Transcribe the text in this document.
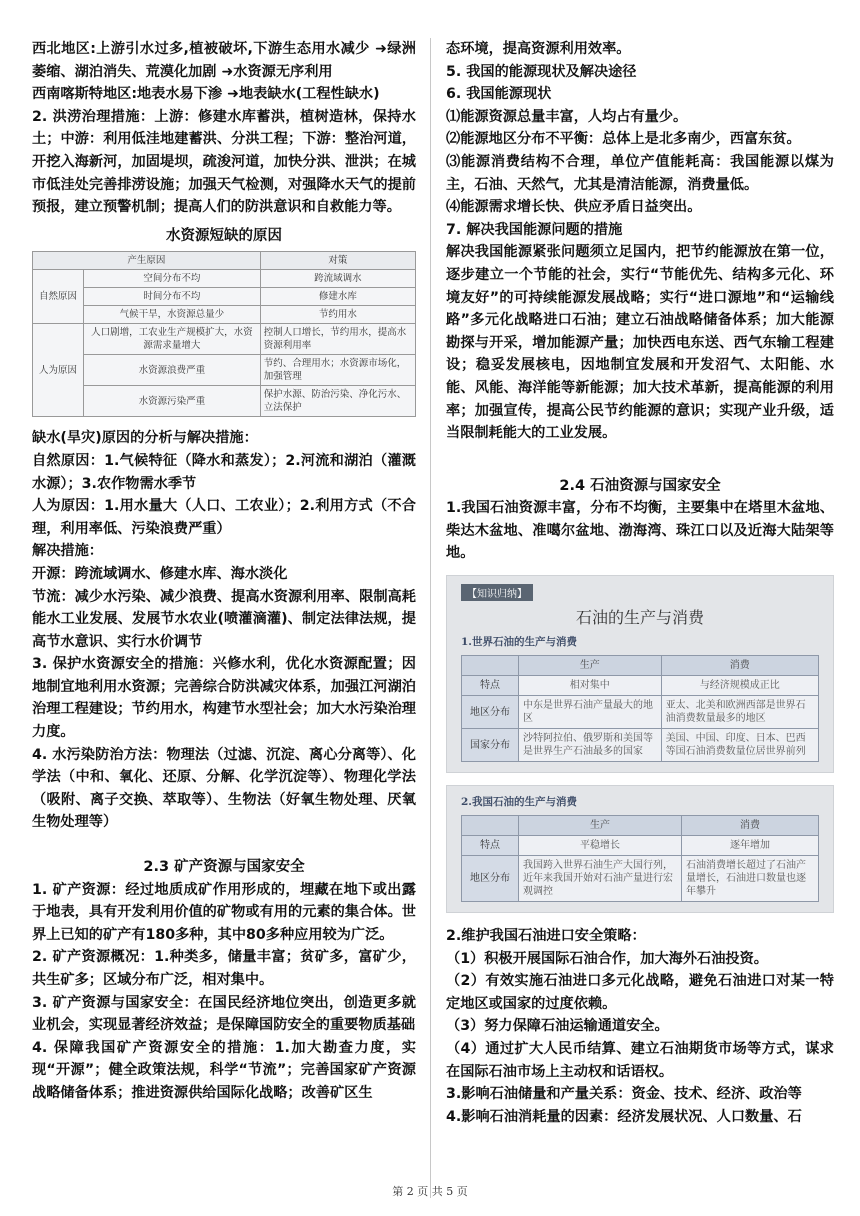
西北地区:上游引水过多,植被破坏,下游生态用水减少 ➜绿洲萎缩、湖泊消失、荒漠化加剧 ➜水资源无序利用

西南喀斯特地区:地表水易下渗 ➜地表缺水(工程性缺水)

2. 洪涝治理措施：上游：修建水库蓄洪，植树造林，保持水土；中游：利用低洼地建蓄洪、分洪工程；下游：整治河道，开挖入海新河，加固堤坝，疏浚河道，加快分洪、泄洪；在城市低洼处完善排涝设施；加强天气检测，对强降水天气的提前预报，建立预警机制；提高人们的防洪意识和自救能力等。

水资源短缺的原因

产生原因		对策
自然原因	空间分布不均	跨流域调水
	时间分布不均	修建水库
	气候干旱，水资源总量少	节约用水
人为原因	人口剧增，工农业生产规模扩大，水资源需求量增大	控制人口增长，节约用水，提高水资源利用率
	水资源浪费严重	节约、合理用水；水资源市场化，加强管理
	水资源污染严重	保护水源、防治污染、净化污水、立法保护

缺水(旱灾)原因的分析与解决措施：

自然原因：1.气候特征（降水和蒸发）；2.河流和湖泊（灌溉水源）；3.农作物需水季节

人为原因：1.用水量大（人口、工农业）；2.利用方式（不合理，利用率低、污染浪费严重）

解决措施：

开源：跨流域调水、修建水库、海水淡化

节流：减少水污染、减少浪费、提高水资源利用率、限制高耗能水工业发展、发展节水农业(喷灌滴灌)、制定法律法规，提高节水意识、实行水价调节

3. 保护水资源安全的措施：兴修水利，优化水资源配置；因地制宜地利用水资源；完善综合防洪减灾体系，加强江河湖泊治理工程建设；节约用水，构建节水型社会；加大水污染治理力度。

4. 水污染防治方法：物理法（过滤、沉淀、离心分离等）、化学法（中和、氧化、还原、分解、化学沉淀等）、物理化学法（吸附、离子交换、萃取等）、生物法（好氧生物处理、厌氧生物处理等）

2.3 矿产资源与国家安全

1. 矿产资源：经过地质成矿作用形成的，埋藏在地下或出露于地表，具有开发利用价值的矿物或有用的元素的集合体。世界上已知的矿产有180多种，其中80多种应用较为广泛。

2. 矿产资源概况：1.种类多，储量丰富；贫矿多，富矿少，共生矿多；区域分布广泛，相对集中。

3. 矿产资源与国家安全：在国民经济地位突出，创造更多就业机会，实现显著经济效益；是保障国防安全的重要物质基础

4. 保障我国矿产资源安全的措施：1.加大勘查力度，实现“开源”；健全政策法规，科学“节流”；完善国家矿产资源战略储备体系；推进资源供给国际化战略；改善矿区生

态环境，提高资源利用效率。

5. 我国的能源现状及解决途径

6. 我国能源现状

⑴能源资源总量丰富，人均占有量少。

⑵能源地区分布不平衡：总体上是北多南少，西富东贫。

⑶能源消费结构不合理，单位产值能耗高：我国能源以煤为主，石油、天然气，尤其是清洁能源，消费量低。

⑷能源需求增长快、供应矛盾日益突出。

7. 解决我国能源问题的措施

解决我国能源紧张问题须立足国内，把节约能源放在第一位，逐步建立一个节能的社会，实行“节能优先、结构多元化、环境友好”的可持续能源发展战略；实行“进口源地”和“运输线路”多元化战略进口石油；建立石油战略储备体系；加大能源勘探与开采，增加能源产量；加快西电东送、西气东输工程建设；稳妥发展核电，因地制宜发展和开发沼气、太阳能、水能、风能、海洋能等新能源；加大技术革新，提高能源的利用率；加强宣传，提高公民节约能源的意识；实现产业升级，适当限制耗能大的工业发展。

2.4 石油资源与国家安全

1.我国石油资源丰富，分布不均衡，主要集中在塔里木盆地、柴达木盆地、准噶尔盆地、渤海湾、珠江口以及近海大陆架等地。

【知识归纳】
石油的生产与消费
1.世界石油的生产与消费
	生产	消费
特点	相对集中	与经济规模成正比
地区分布	中东是世界石油产量最大的地区	亚太、北美和欧洲西部是世界石油消费数量最多的地区
国家分布	沙特阿拉伯、俄罗斯和美国等是世界生产石油最多的国家	美国、中国、印度、日本、巴西等国石油消费数量位居世界前列
2.我国石油的生产与消费
	生产	消费
特点	平稳增长	逐年增加
地区分布	我国跨入世界石油生产大国行列，近年来我国开始对石油产量进行宏观调控	石油消费增长超过了石油产量增长，石油进口数量也逐年攀升

2.维护我国石油进口安全策略：

（1）积极开展国际石油合作，加大海外石油投资。

（2）有效实施石油进口多元化战略，避免石油进口对某一特定地区或国家的过度依赖。

（3）努力保障石油运输通道安全。

（4）通过扩大人民币结算、建立石油期货市场等方式，谋求在国际石油市场上主动权和话语权。

3.影响石油储量和产量关系：资金、技术、经济、政治等

4.影响石油消耗量的因素：经济发展状况、人口数量、石

第 2 页 共 5 页
